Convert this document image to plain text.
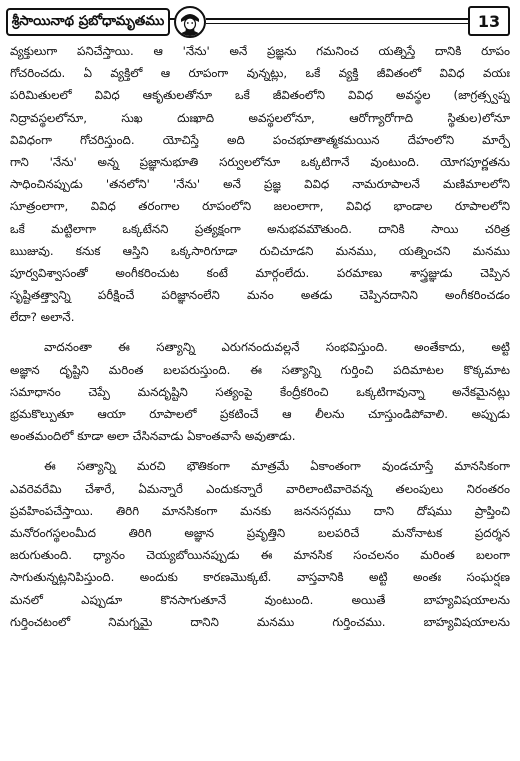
శ్రీసాయినాథ ప్రబోధామృతము	13
వ్యక్తులుగా పనిచేస్తాయి. ఆ 'నేను' అనే ప్రజ్ఞను గమనించ యత్నిస్తే దానికి రూపం
గోచరించదు. ఏ వ్యక్తిలో ఆ రూపంగా వున్నట్లు, ఒకే వ్యక్తి జీవితంలో వివిధ వయః
పరిమితులలో వివిధ ఆకృతులతోనూ ఒకే జీవితంలోని వివిధ అవస్థల (జాగ్రత్స్వప్న
నిద్రావస్థలలోనూ, సుఖ దుఃఖాది అవస్థలలోనూ, ఆరోగ్యారోగాది స్థితుల)లోనూ
వివిధంగా గోచరిస్తుంది. యోచిస్తే అది పంచభూతాత్మకమయిన దేహంలోని మార్పే
గాని 'నేను' అన్న ప్రజ్ఞానుభూతి సర్వులలోనూ ఒక్కటిగానే వుంటుంది. యోగపూర్ణతను
సాధించినప్పుడు 'తనలోని' 'నేను' అనే ప్రజ్ఞ వివిధ నామరూపాలనే మణిమాలలోని
సూత్రంలాగా, వివిధ తరంగాల రూపంలోని జలంలాగా, వివిధ భాండాల రూపాలలోని
ఒకే మట్టిలాగా ఒక్కటేనని ప్రత్యక్షంగా అనుభవమౌతుంది. దానికి సాయి చరిత్ర
ఋజువు. కనుక ఆస్తిని ఒక్కసారిగూడా రుచిచూడని మనము, యత్నించని మనము
పూర్వవిశ్వాసంతో అంగీకరించుట కంటే మార్గంలేదు. పరమాణు శాస్త్రజ్ఞుడు చెప్పిన
సృష్టితత్త్వాన్ని పరీక్షించే పరిజ్ఞానంలేని మనం అతడు చెప్పినదానిని అంగీకరించడం
లేదా? అలానే.
వాదనంతా ఈ సత్యాన్ని ఎరుగనందువల్లనే సంభవిస్తుంది. అంతేకాదు, అట్టి
అజ్ఞాన దృష్టిని మరింత బలపరుస్తుంది. ఈ సత్యాన్ని గుర్తించి పదిమాటల కొక్కమాట
సమాధానం చెప్పే మనదృష్టిని సత్యంపై కేంద్రీకరించి ఒక్కటిగావున్నా అనేకమైనట్లు
భ్రమకొల్పుతూ ఆయా రూపాలలో ప్రకటించే ఆ లీలను చూస్తుండిపోవాలి. అప్పుడు
అంతమందిలో కూడా అలా చేసినవాడు ఏకాంతవాసే అవుతాడు.
ఈ సత్యాన్ని మరచి భౌతికంగా మాత్రమే ఏకాంతంగా వుండచూస్తే మానసికంగా
ఎవరెవరేమి చేశారే, ఏమన్నారే ఎందుకన్నారే వారిలాంటివారెవన్న తలంపులు నిరంతరం
ప్రవహింపచేస్తాయి. తిరిగి మానసికంగా మనకు జననసర్గము దాని దోషము ప్రాప్తించి
మనోరంగస్థలంమీద తిరిగి అజ్ఞాన ప్రవృత్తిని బలపరిచే మనోనాటక ప్రదర్శన
జరుగుతుంది. ధ్యానం చెయ్యబోయినప్పుడు ఈ మానసిక సంచలనం మరింత బలంగా
సాగుతున్నట్లనిపిస్తుంది. అందుకు కారణమొక్కటే. వాస్తవానికి అట్టి అంతః సంఘర్షణ
మనలో ఎప్పుడూ కొనసాగుతూనే వుంటుంది. అయితే బాహ్యవిషయాలను
గుర్తించటంలో నిమగ్నమై దానిని మనము గుర్తించము. బాహ్యవిషయాలను
